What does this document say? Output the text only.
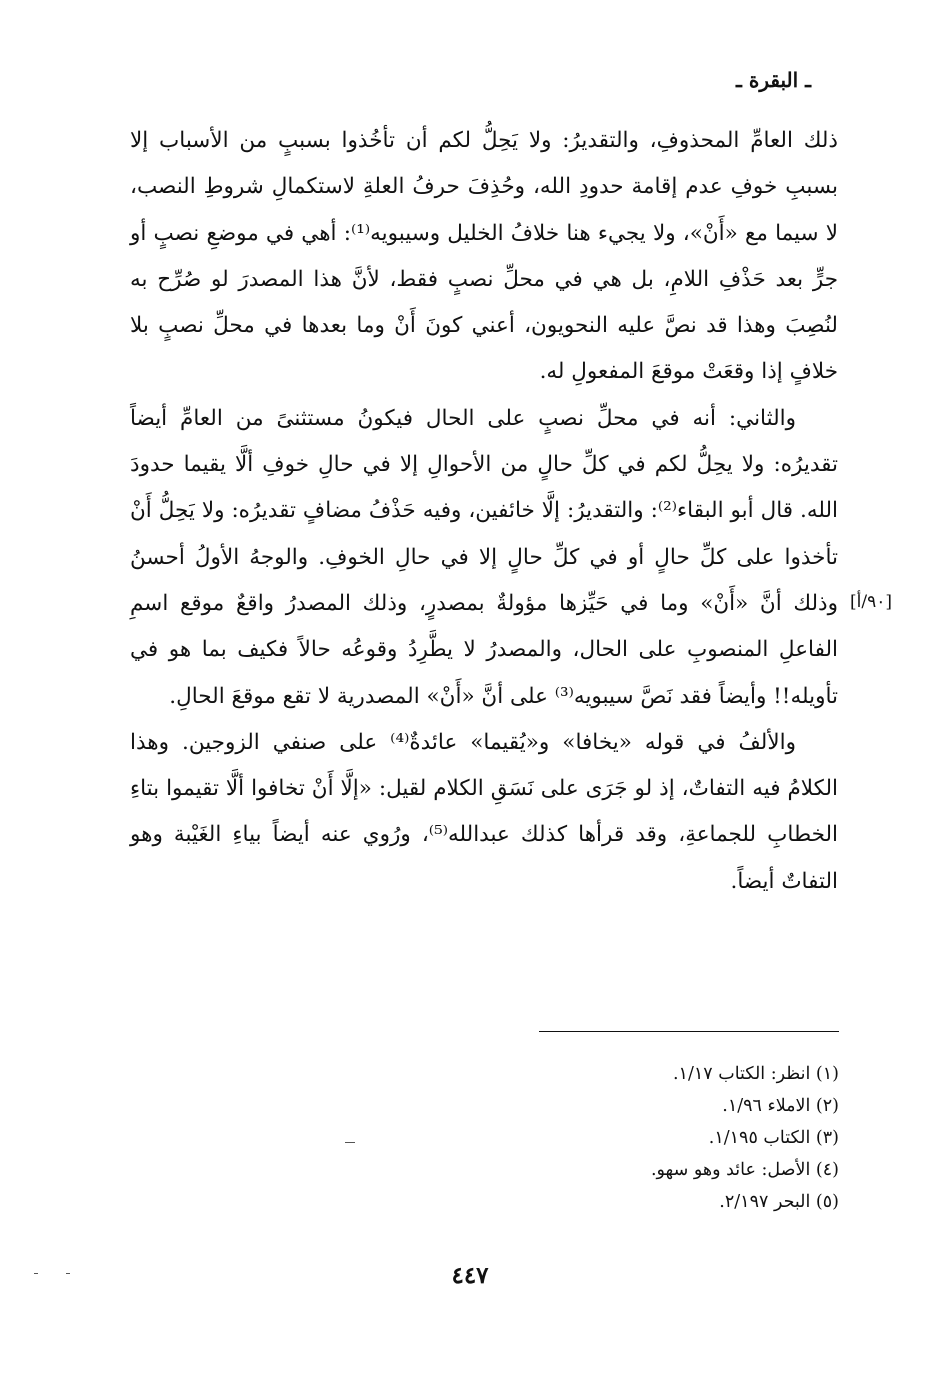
ـ البقرة ـ

ذلك العامِّ المحذوفِ، والتقديرُ: ولا يَحِلُّ لكم أن تأخُذوا بسببٍ من الأسباب إلا بسببِ خوفِ عدم إقامة حدودِ الله، وحُذِفَ حرفُ العلةِ لاستكمالِ شروطِ النصب، لا سيما مع «أَنْ»، ولا يجيء هنا خلافُ الخليل وسيبويه⁽¹⁾: أهي في موضعِ نصبٍ أو جرٍّ بعد حَذْفِ اللامِ، بل هي في محلِّ نصبٍ فقط، لأنَّ هذا المصدرَ لو صُرِّح به لنُصِبَ وهذا قد نصَّ عليه النحويون، أعني كونَ أَنْ وما بعدها في محلِّ نصبٍ بلا خلافٍ إذا وقعَتْ موقعَ المفعولِ له.

والثاني: أنه في محلِّ نصبٍ على الحال فيكونُ مستثنىً من العامِّ أيضاً تقديرُه: ولا يحِلُّ لكم في كلِّ حالٍ من الأحوالِ إلا في حالِ خوفِ ألَّا يقيما حدودَ الله. قال أبو البقاء⁽²⁾: والتقديرُ: إلَّا خائفين، وفيه حَذْفُ مضافٍ تقديرُه: ولا يَحِلُّ أَنْ تأخذوا على كلِّ حالٍ أو في كلِّ حالٍ إلا في حالِ الخوفِ. والوجهُ الأولُ أحسنُ وذلك أنَّ «أَنْ» وما في حَيِّزها مؤولةٌ بمصدرٍ، وذلك المصدرُ واقعٌ موقع اسمِ الفاعلِ المنصوبِ على الحال، والمصدرُ لا يطَّرِدُ وقوعُه حالاً فكيف بما هو في تأويله!! وأيضاً فقد نَصَّ سيبويه⁽³⁾ على أنَّ «أَنْ» المصدرية لا تقع موقعَ الحالِ.

والألفُ في قوله «يخافا» و«يُقيما» عائدةٌ⁽⁴⁾ على صنفي الزوجين. وهذا الكلامُ فيه التفاتٌ، إذ لو جَرَى على نَسَقِ الكلام لقيل: «إلَّا أَنْ تخافوا ألَّا تقيموا بتاءِ الخطابِ للجماعةِ، وقد قرأها كذلك عبدالله⁽⁵⁾، ورُوي عنه أيضاً بياءِ الغَيْبة وهو التفاتٌ أيضاً.

[٩٠/أ]
(١) انظر: الكتاب ١/١٧.
(٢) الاملاء ١/٩٦.
(٣) الكتاب ١/١٩٥.
(٤) الأصل: عائد وهو سهو.
(٥) البحر ٢/١٩٧.
٤٤٧
